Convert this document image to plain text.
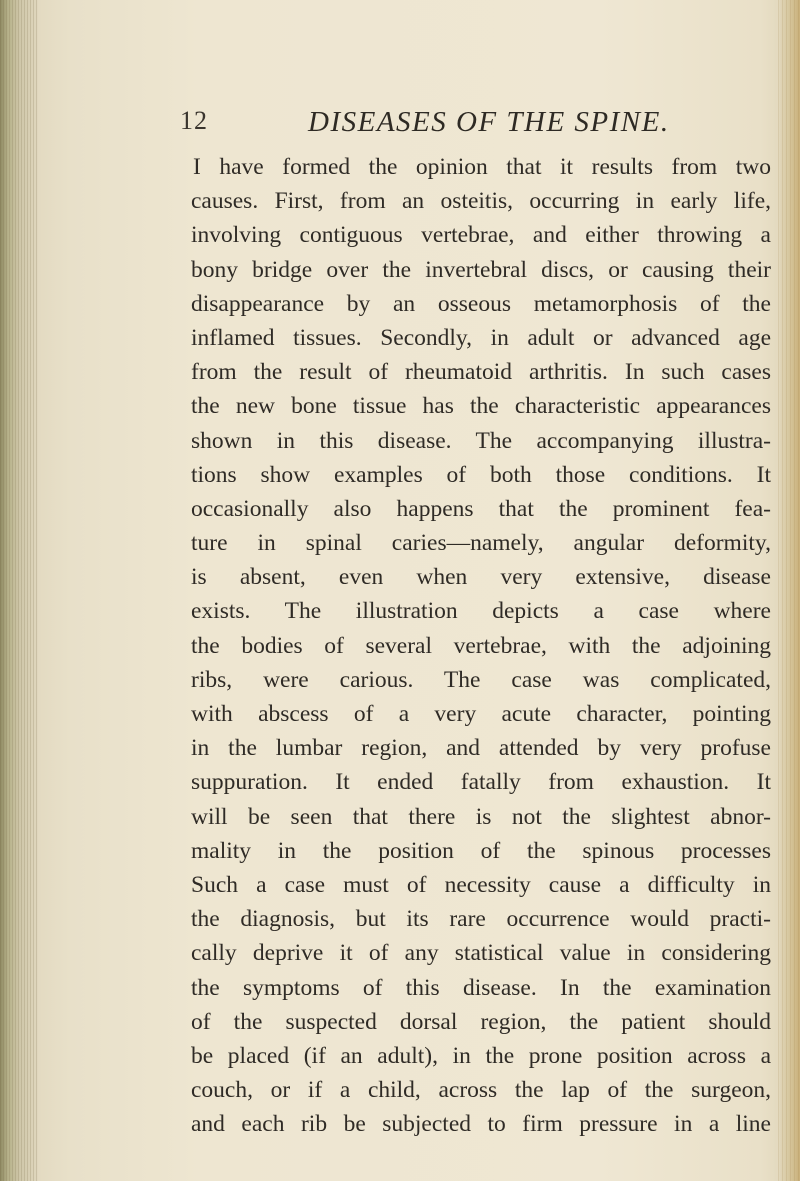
12	DISEASES OF THE SPINE.
I have formed the opinion that it results from two
causes. First, from an osteitis, occurring in early life,
involving contiguous vertebrae, and either throwing a
bony bridge over the invertebral discs, or causing their
disappearance by an osseous metamorphosis of the
inflamed tissues. Secondly, in adult or advanced age
from the result of rheumatoid arthritis. In such cases
the new bone tissue has the characteristic appearances
shown in this disease. The accompanying illustra-
tions show examples of both those conditions. It
occasionally also happens that the prominent fea-
ture in spinal caries—namely, angular deformity,
is absent, even when very extensive, disease
exists. The illustration depicts a case where
the bodies of several vertebrae, with the adjoining
ribs, were carious. The case was complicated,
with abscess of a very acute character, pointing
in the lumbar region, and attended by very profuse
suppuration. It ended fatally from exhaustion. It
will be seen that there is not the slightest abnor-
mality in the position of the spinous processes
Such a case must of necessity cause a difficulty in
the diagnosis, but its rare occurrence would practi-
cally deprive it of any statistical value in considering
the symptoms of this disease. In the examination
of the suspected dorsal region, the patient should
be placed (if an adult), in the prone position across a
couch, or if a child, across the lap of the surgeon,
and each rib be subjected to firm pressure in a line
